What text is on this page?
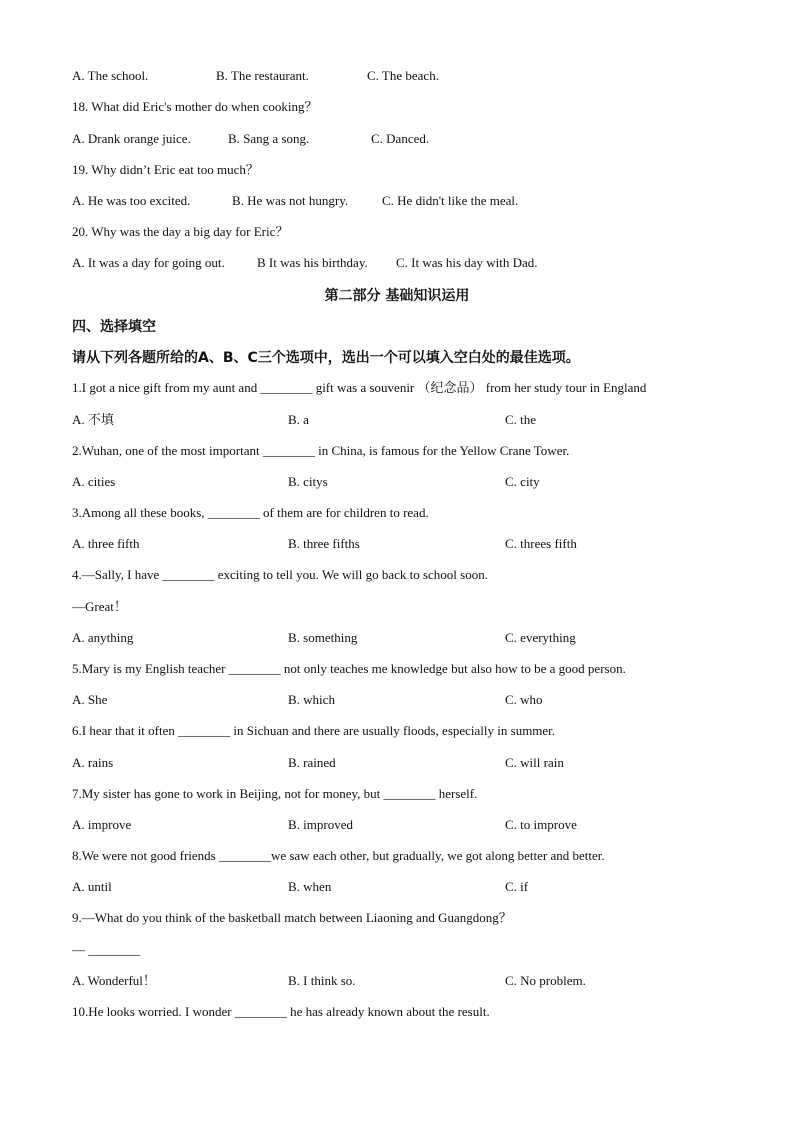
A. The school.	B. The restaurant.	C. The beach.
18. What did Eric's mother do when cooking？
A. Drank orange juice.	B. Sang a song.	C. Danced.
19. Why didn’t Eric eat too much？
A. He was too excited.	B. He was not hungry.	C. He didn't like the meal.
20. Why was the day a big day for Eric？
A. It was a day for going out. B It was his birthday. C. It was his day with Dad.
第二部分 基础知识运用
四、选择填空
请从下列各题所给的A、B、C三个选项中，选出一个可以填入空白处的最佳选项。
1.I got a nice gift from my aunt and ________ gift was a souvenir （纪念品） from her study tour in England
A. 不填	B. a	C. the
2.Wuhan, one of the most important ________ in China, is famous for the Yellow Crane Tower.
A. cities	B. citys	C. city
3.Among all these books, ________ of them are for children to read.
A. three fifth	B. three fifths	C. threes fifth
4.—Sally, I have ________ exciting to tell you. We will go back to school soon.
—Great！
A. anything	B. something	C. everything
5.Mary is my English teacher ________ not only teaches me knowledge but also how to be a good person.
A. She	B. which	C. who
6.I hear that it often ________ in Sichuan and there are usually floods, especially in summer.
A. rains	B. rained	C. will rain
7.My sister has gone to work in Beijing, not for money, but ________ herself.
A. improve	B. improved	C. to improve
8.We were not good friends ________we saw each other, but gradually, we got along better and better.
A. until	B. when	C. if
9.—What do you think of the basketball match between Liaoning and Guangdong？
— ________
A. Wonderful！	B. I think so.	C. No problem.
10.He looks worried. I wonder ________ he has already known about the result.
